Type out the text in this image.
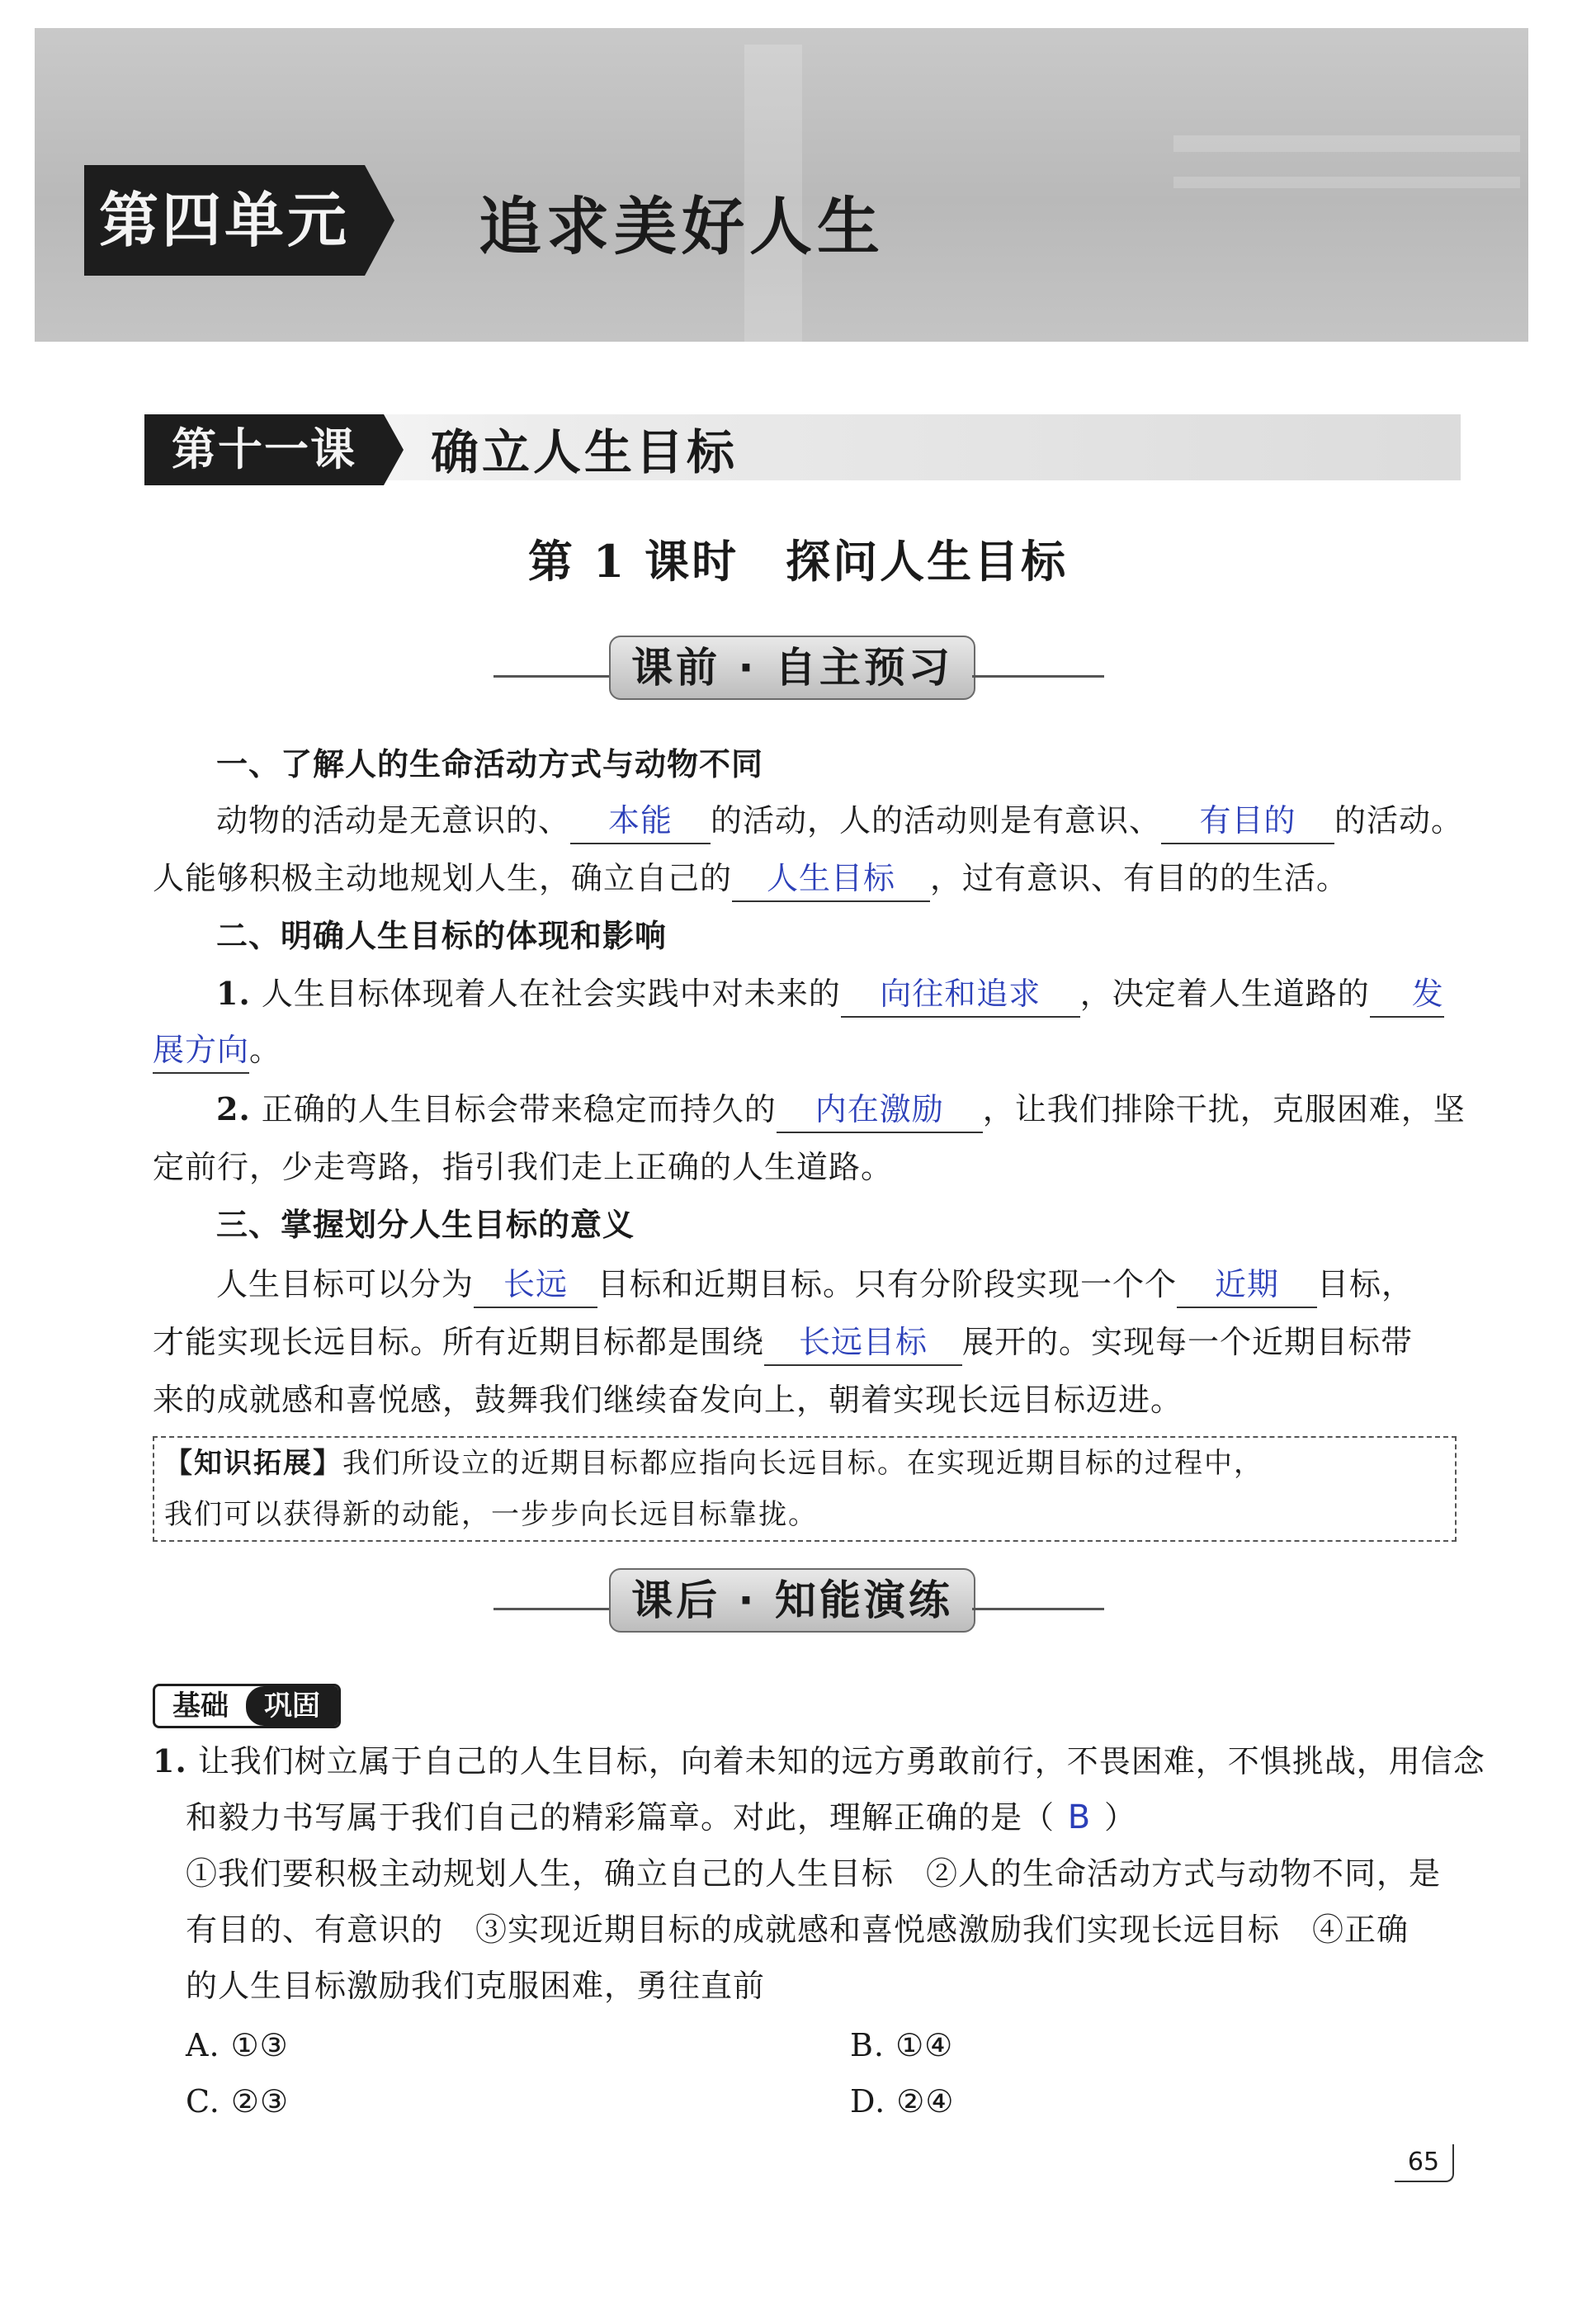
第四单元 追求美好人生
第十一课	确立人生目标
第 1 课时　探问人生目标
课前 · 自主预习
一、了解人的生命活动方式与动物不同
动物的活动是无意识的、 本能 的活动，人的活动则是有意识、 有目的 的活动。
人能够积极主动地规划人生，确立自己的 人生目标 ，过有意识、有目的的生活。
二、明确人生目标的体现和影响
1. 人生目标体现着人在社会实践中对未来的 向往和追求 ，决定着人生道路的 发
展方向。
2. 正确的人生目标会带来稳定而持久的 内在激励 ，让我们排除干扰，克服困难，坚
定前行，少走弯路，指引我们走上正确的人生道路。
三、掌握划分人生目标的意义
人生目标可以分为 长远 目标和近期目标。只有分阶段实现一个个 近期 目标，
才能实现长远目标。所有近期目标都是围绕 长远目标 展开的。实现每一个近期目标带
来的成就感和喜悦感，鼓舞我们继续奋发向上，朝着实现长远目标迈进。
【知识拓展】我们所设立的近期目标都应指向长远目标。在实现近期目标的过程中，
我们可以获得新的动能，一步步向长远目标靠拢。
课后 · 知能演练
基础	巩固
1. 让我们树立属于自己的人生目标，向着未知的远方勇敢前行，不畏困难，不惧挑战，用信念
和毅力书写属于我们自己的精彩篇章。对此，理解正确的是（ B ）
①我们要积极主动规划人生，确立自己的人生目标　②人的生命活动方式与动物不同，是
有目的、有意识的　③实现近期目标的成就感和喜悦感激励我们实现长远目标　④正确
的人生目标激励我们克服困难，勇往直前
A. ①③	B. ①④
C. ②③	D. ②④
65
